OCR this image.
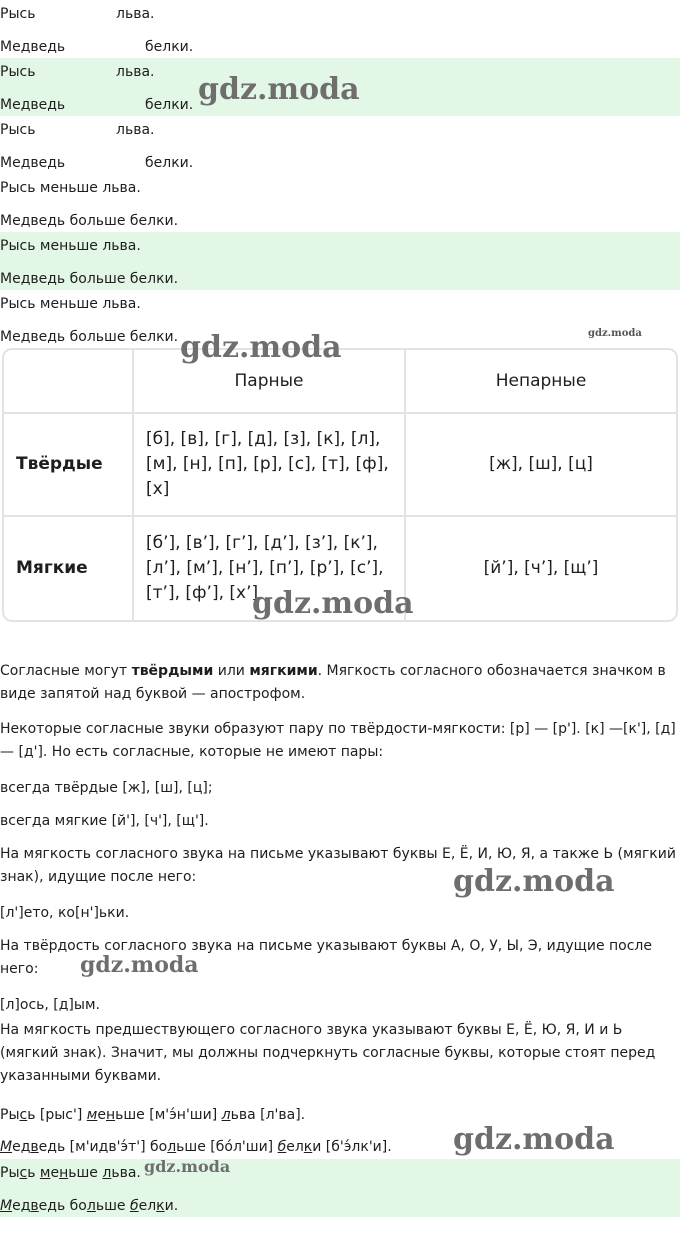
Рысь	льва.
Медведь	белки.
Рысь	льва.
Медведь	белки.
Рысь	льва.
Медведь	белки.
Рысь меньше льва.
Медведь больше белки.
Рысь меньше льва.
Медведь больше белки.
Рысь меньше льва.
Медведь больше белки.
	Парные	Непарные
Твёрдые	[б], [в], [г], [д], [з], [к], [л], [м], [н], [п], [р], [с], [т], [ф], [х]	[ж], [ш], [ц]
Мягкие	[б’], [в’], [г’], [д’], [з’], [к’], [л’], [м’], [н’], [п’], [р’], [с’], [т’], [ф’], [х’]	[й’], [ч’], [щ’]
Согласные могут твёрдыми или мягкими. Мягкость согласного обозначается значком в виде запятой над буквой — апострофом.
Некоторые согласные звуки образуют пару по твёрдости-мягкости: [р] — [р']. [к] —[к'], [д] — [д']. Но есть согласные, которые не имеют пары:
всегда твёрдые [ж], [ш], [ц];
всегда мягкие [й'], [ч'], [щ'].
На мягкость согласного звука на письме указывают буквы Е, Ё, И, Ю, Я, а также Ь (мягкий знак), идущие после него:
[л']ето, ко[н']ьки.
На твёрдость согласного звука на письме указывают буквы А, О, У, Ы, Э, идущие после него:
[л]ось, [д]ым.
На мягкость предшествующего согласного звука указывают буквы Е, Ё, Ю, Я, И и Ь (мягкий знак). Значит, мы должны подчеркнуть согласные буквы, которые стоят перед указанными буквами.
Рысь [рыс'] меньше [м'э́н'ши] льва [л'ва].
Медведь [м'идв'э́т'] больше [бо́л'ши] белки [б'э́лк'и].
Рысь меньше льва.
Медведь больше белки.
gdz.moda
gdz.moda
gdz.moda
gdz.moda
gdz.moda
gdz.moda
gdz.moda
gdz.moda
